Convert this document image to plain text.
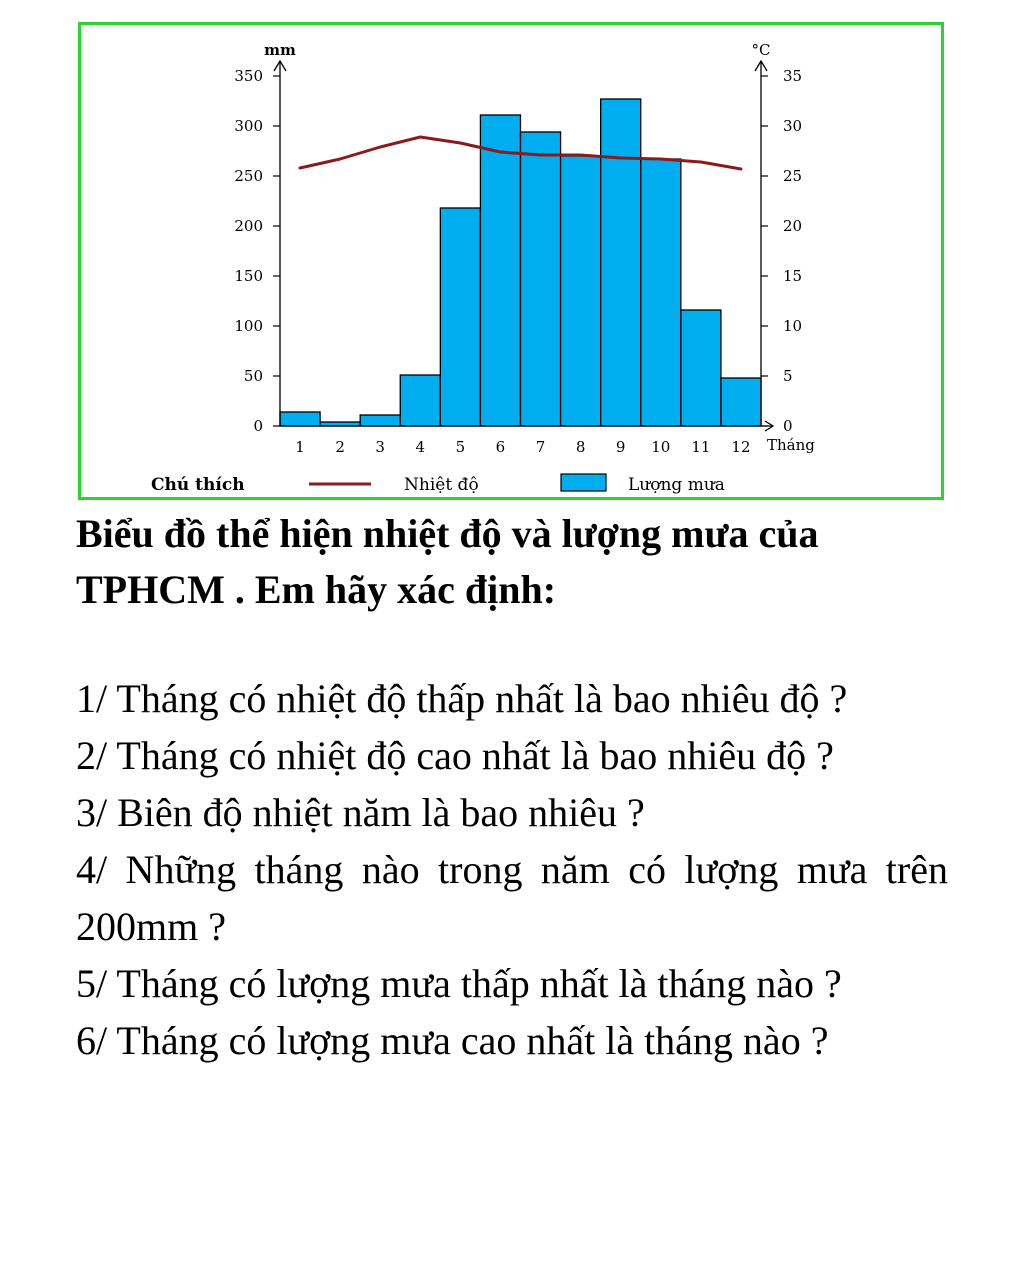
0
50
100
150
200
250
300
350
0
5
10
15
20
25
30
35
1 2 3 4 5 6 7 8 9 10 11 12
mm	°C
Tháng
Chú thích	Nhiệt độ	Lượng mưa
Biểu đồ thể hiện nhiệt độ và lượng mưa của
TPHCM . Em hãy xác định:
1/ Tháng có nhiệt độ thấp nhất là bao nhiêu độ ?
2/ Tháng có nhiệt độ cao nhất là bao nhiêu độ ?
3/ Biên độ nhiệt năm là bao nhiêu ?
4/ Những tháng nào trong năm có lượng mưa trên 200mm ?
5/ Tháng có lượng mưa thấp nhất là tháng nào ?
6/ Tháng có lượng mưa cao nhất là tháng nào ?
